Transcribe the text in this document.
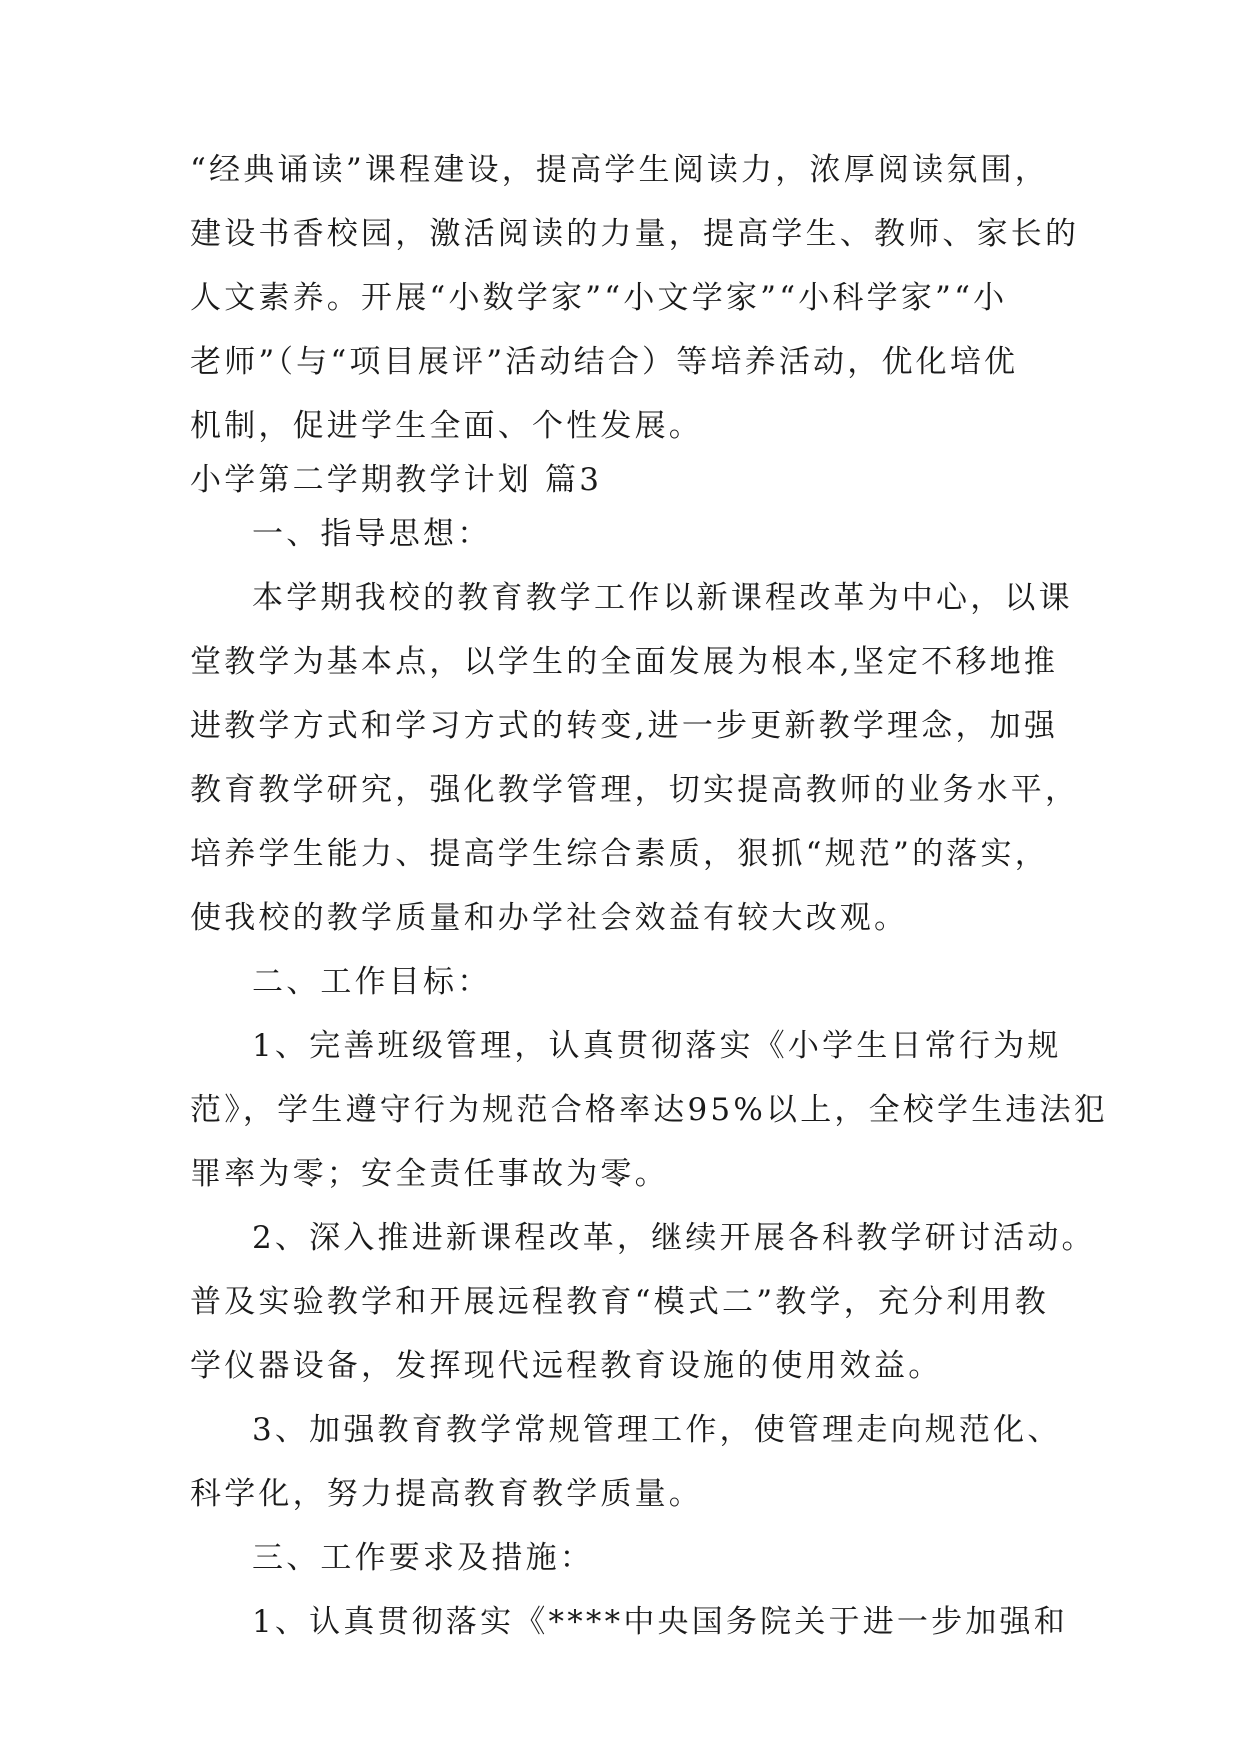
“经典诵读”课程建设，提高学生阅读力，浓厚阅读氛围，
建设书香校园，激活阅读的力量，提高学生、教师、家长的
人文素养。开展“小数学家”“小文学家”“小科学家”“小
老师”（与“项目展评”活动结合）等培养活动，优化培优
机制，促进学生全面、个性发展。
小学第二学期教学计划 篇3
一、指导思想：
本学期我校的教育教学工作以新课程改革为中心，以课
堂教学为基本点，以学生的全面发展为根本,坚定不移地推
进教学方式和学习方式的转变,进一步更新教学理念，加强
教育教学研究，强化教学管理，切实提高教师的业务水平，
培养学生能力、提高学生综合素质，狠抓“规范”的落实，
使我校的教学质量和办学社会效益有较大改观。
二、工作目标：
1、完善班级管理，认真贯彻落实《小学生日常行为规
范》，学生遵守行为规范合格率达95%以上，全校学生违法犯
罪率为零；安全责任事故为零。
2、深入推进新课程改革，继续开展各科教学研讨活动。
普及实验教学和开展远程教育“模式二”教学，充分利用教
学仪器设备，发挥现代远程教育设施的使用效益。
3、加强教育教学常规管理工作，使管理走向规范化、
科学化，努力提高教育教学质量。
三、工作要求及措施：
1、认真贯彻落实《****中央国务院关于进一步加强和
